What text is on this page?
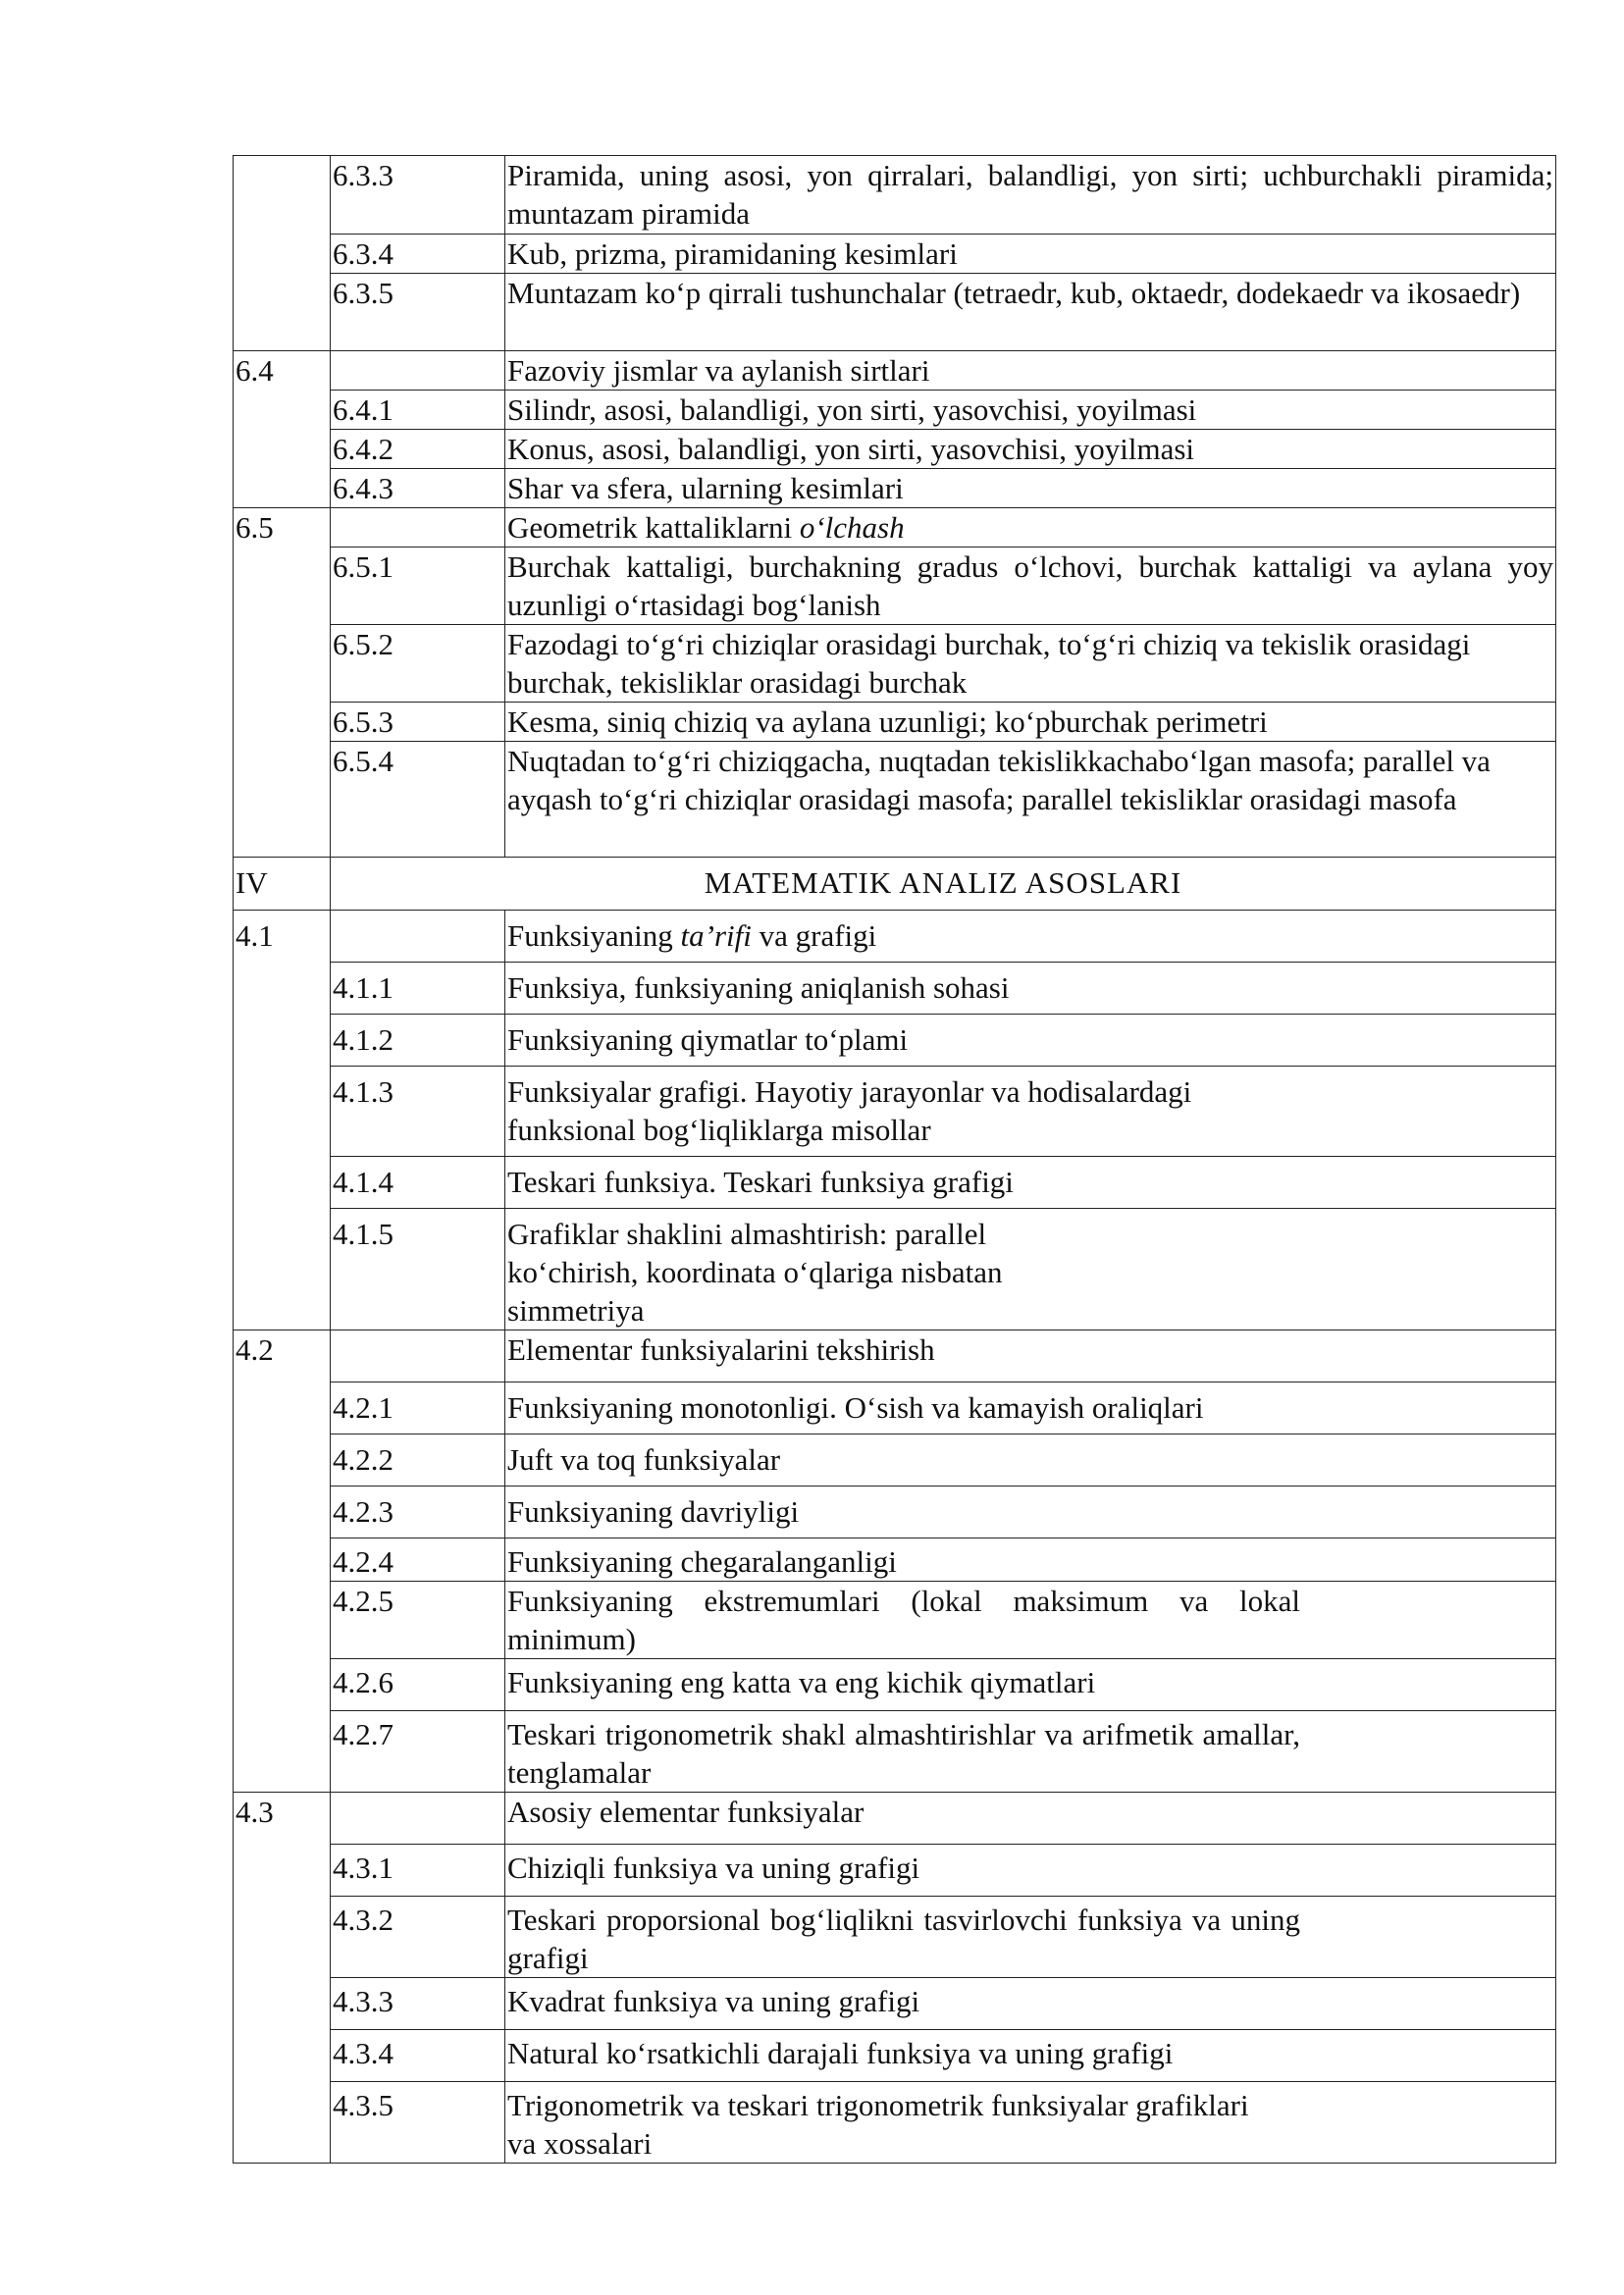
	6.3.3	Piramida, uning asosi, yon qirralari, balandligi, yon sirti; uchburchakli piramida; muntazam piramida
	6.3.4	Kub, prizma, piramidaning kesimlari
	6.3.5	Muntazam ko‘p qirrali tushunchalar (tetraedr, kub, oktaedr, dodekaedr va ikosaedr)
6.4		Fazoviy jismlar va aylanish sirtlari
	6.4.1	Silindr, asosi, balandligi, yon sirti, yasovchisi, yoyilmasi
	6.4.2	Konus, asosi, balandligi, yon sirti, yasovchisi, yoyilmasi
	6.4.3	Shar va sfera, ularning kesimlari
6.5		Geometrik kattaliklarni o‘lchash
	6.5.1	Burchak kattaligi, burchakning gradus o‘lchovi, burchak kattaligi va aylana yoy uzunligi o‘rtasidagi bog‘lanish
	6.5.2	Fazodagi to‘g‘ri chiziqlar orasidagi burchak, to‘g‘ri chiziq va tekislik orasidagi burchak, tekisliklar orasidagi burchak
	6.5.3	Kesma, siniq chiziq va aylana uzunligi; ko‘pburchak perimetri
	6.5.4	Nuqtadan to‘g‘ri chiziqgacha, nuqtadan tekislikkachabo‘lgan masofa; parallel va ayqash to‘g‘ri chiziqlar orasidagi masofa; parallel tekisliklar orasidagi masofa
IV	MATEMATIK ANALIZ ASOSLARI	
4.1		Funksiyaning ta’rifi va grafigi
	4.1.1	Funksiya, funksiyaning aniqlanish sohasi
	4.1.2	Funksiyaning qiymatlar to‘plami
	4.1.3	Funksiyalar grafigi. Hayotiy jarayonlar va hodisalardagi funksional bog‘liqliklarga misollar
	4.1.4	Teskari funksiya. Teskari funksiya grafigi
	4.1.5	Grafiklar shaklini almashtirish: parallel ko‘chirish, koordinata o‘qlariga nisbatan simmetriya
4.2		Elementar funksiyalarini tekshirish
	4.2.1	Funksiyaning monotonligi. O‘sish va kamayish oraliqlari
	4.2.2	Juft va toq funksiyalar
	4.2.3	Funksiyaning davriyligi
	4.2.4	Funksiyaning chegaralanganligi
	4.2.5	Funksiyaning ekstremumlari (lokal maksimum va lokal minimum)
	4.2.6	Funksiyaning eng katta va eng kichik qiymatlari
	4.2.7	Teskari trigonometrik shakl almashtirishlar va arifmetik amallar, tenglamalar
4.3		Asosiy elementar funksiyalar
	4.3.1	Chiziqli funksiya va uning grafigi
	4.3.2	Teskari proporsional bog‘liqlikni tasvirlovchi funksiya va uning grafigi
	4.3.3	Kvadrat funksiya va uning grafigi
	4.3.4	Natural ko‘rsatkichli darajali funksiya va uning grafigi
	4.3.5	Trigonometrik va teskari trigonometrik funksiyalar grafiklari va xossalari
